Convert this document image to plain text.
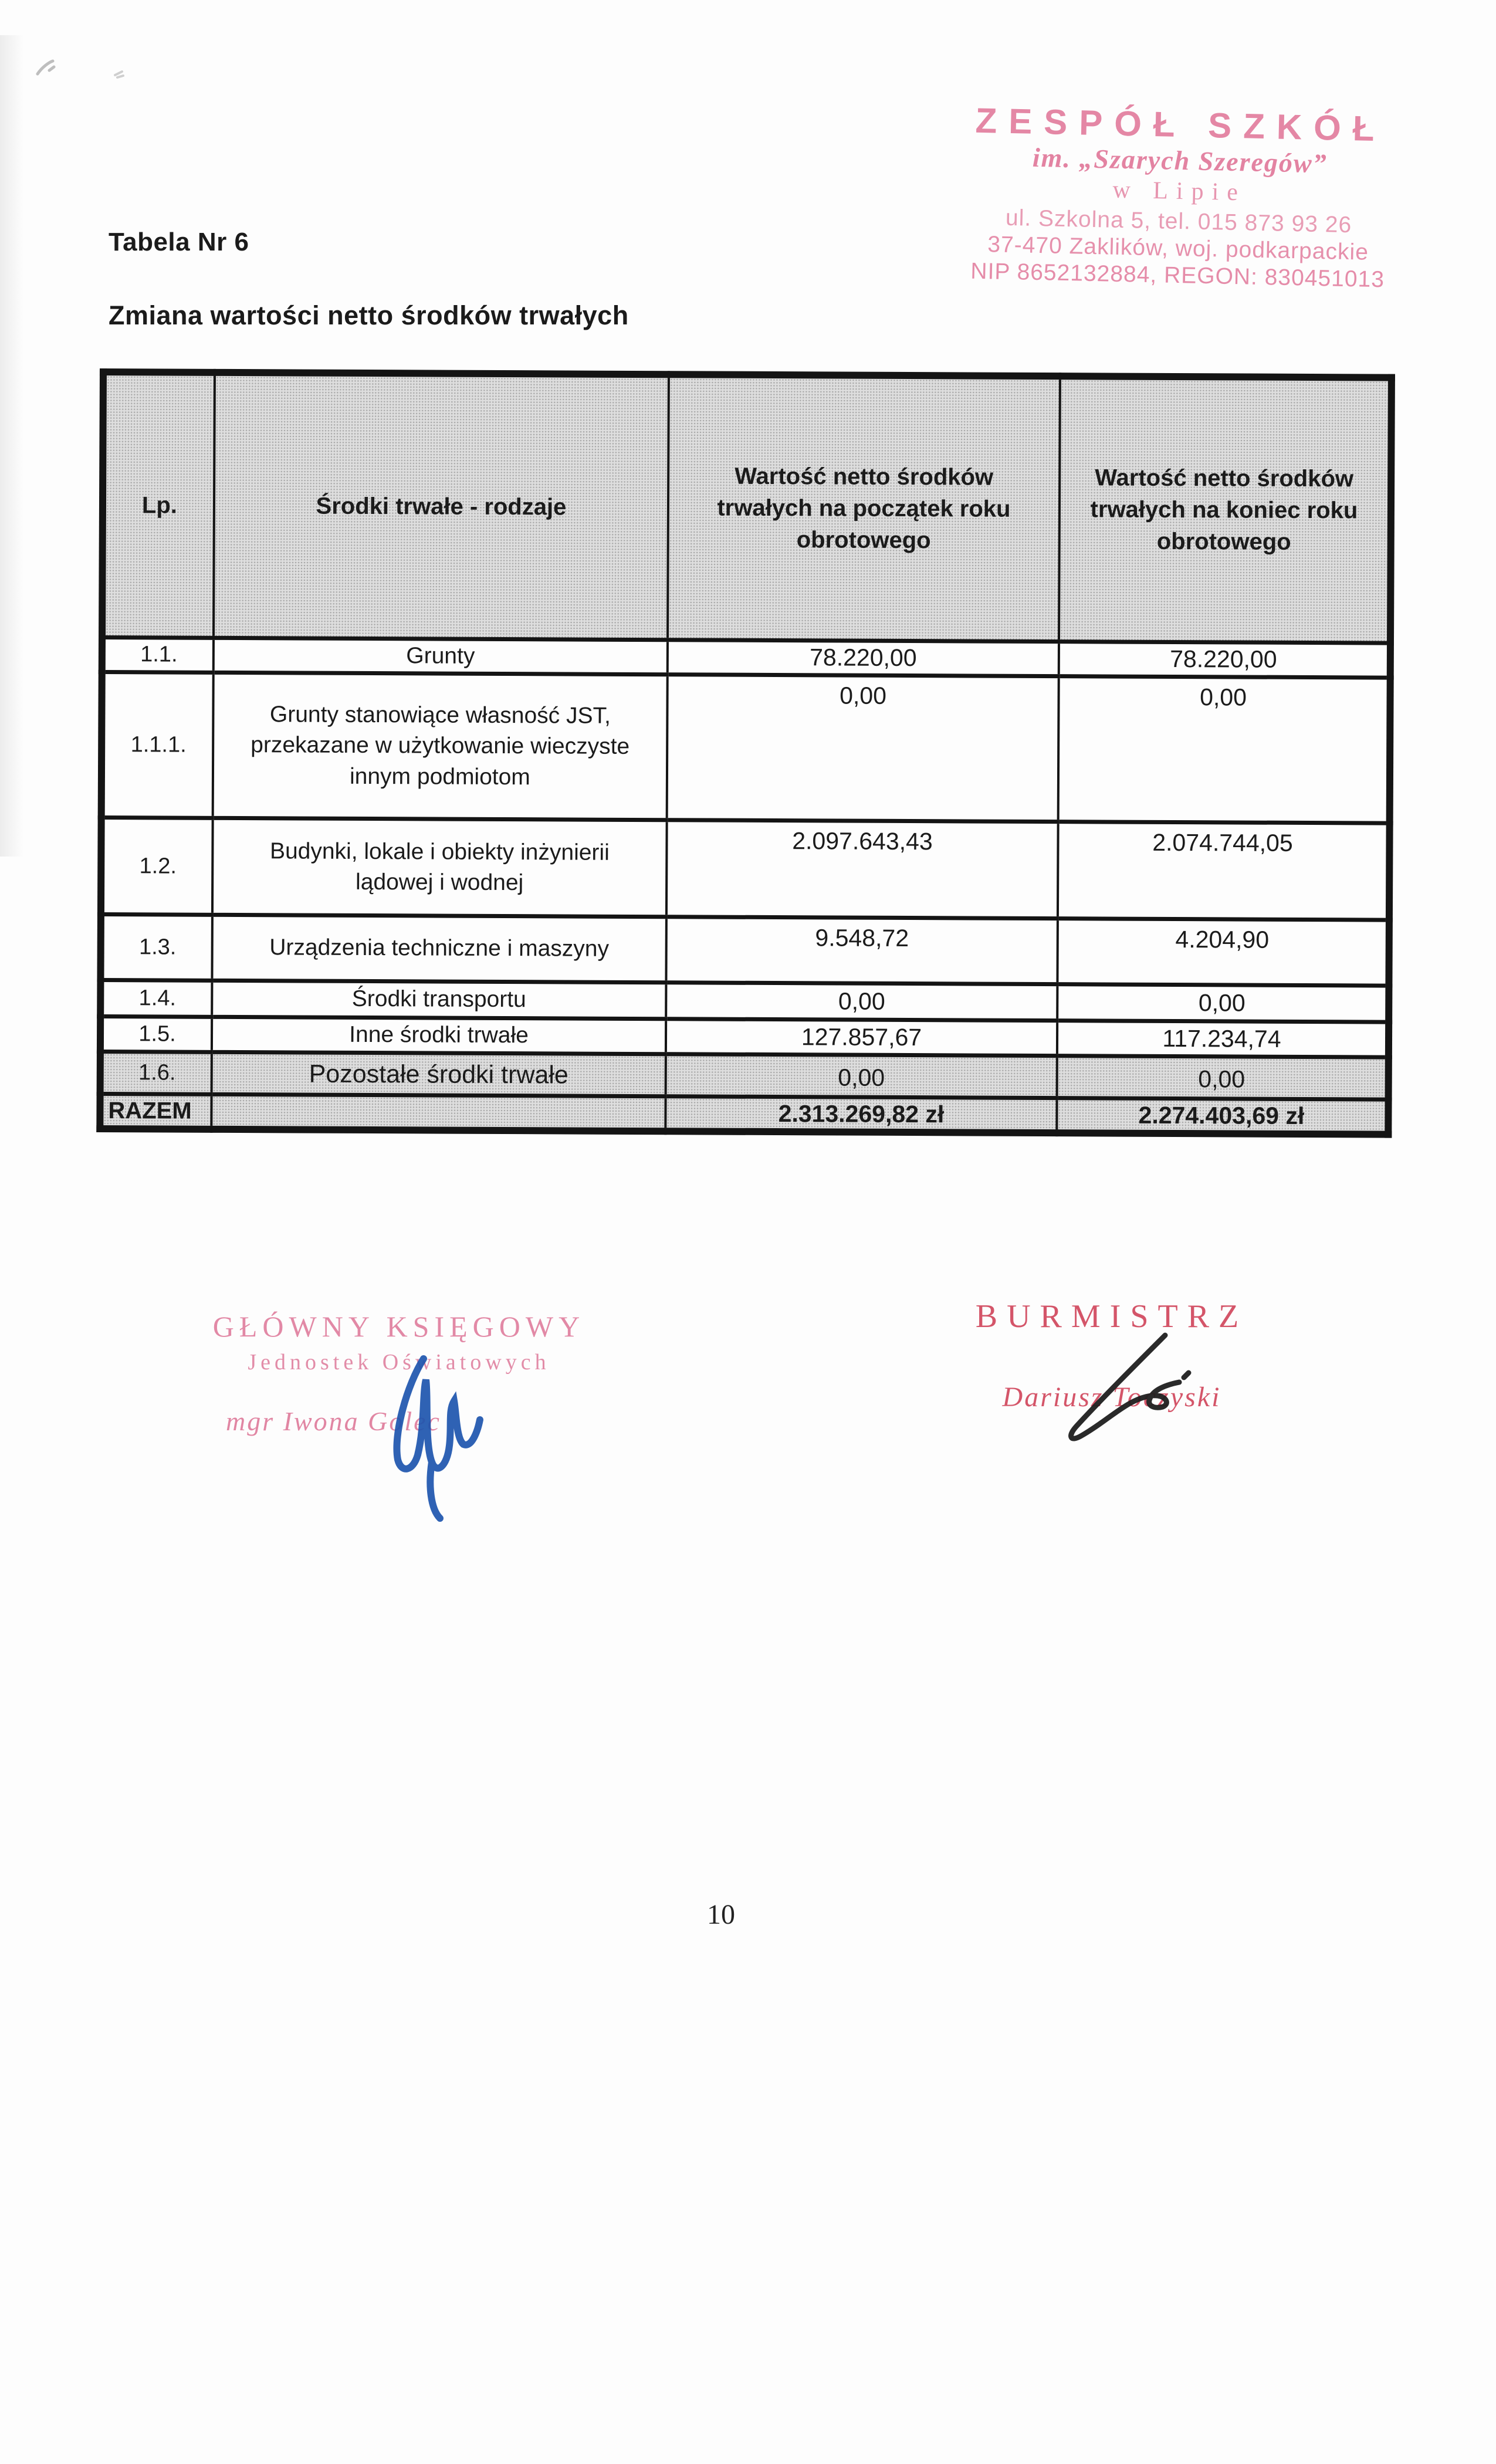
ZESPÓŁ SZKÓŁ
im. „Szarych Szeregów”
w Lipie
ul. Szkolna 5, tel. 015 873 93 26
37-470 Zaklików, woj. podkarpackie
NIP 8652132884, REGON: 830451013
Tabela Nr 6
Zmiana wartości netto środków trwałych
Lp.	Środki trwałe - rodzaje	Wartość netto środków trwałych na początek roku obrotowego	Wartość netto środków trwałych na koniec roku obrotowego
1.1.	Grunty	78.220,00	78.220,00
1.1.1.	Grunty stanowiące własność JST, przekazane w użytkowanie wieczyste innym podmiotom	0,00	0,00
1.2.	Budynki, lokale i obiekty inżynierii lądowej i wodnej	2.097.643,43	2.074.744,05
1.3.	Urządzenia techniczne i maszyny	9.548,72	4.204,90
1.4.	Środki transportu	0,00	0,00
1.5.	Inne środki trwałe	127.857,67	117.234,74
1.6.	Pozostałe środki trwałe	0,00	0,00
RAZEM		2.313.269,82 zł	2.274.403,69 zł
GŁÓWNY KSIĘGOWY
Jednostek Oświatowych
mgr Iwona Golec
BURMISTRZ
Dariusz Toczyski
10
